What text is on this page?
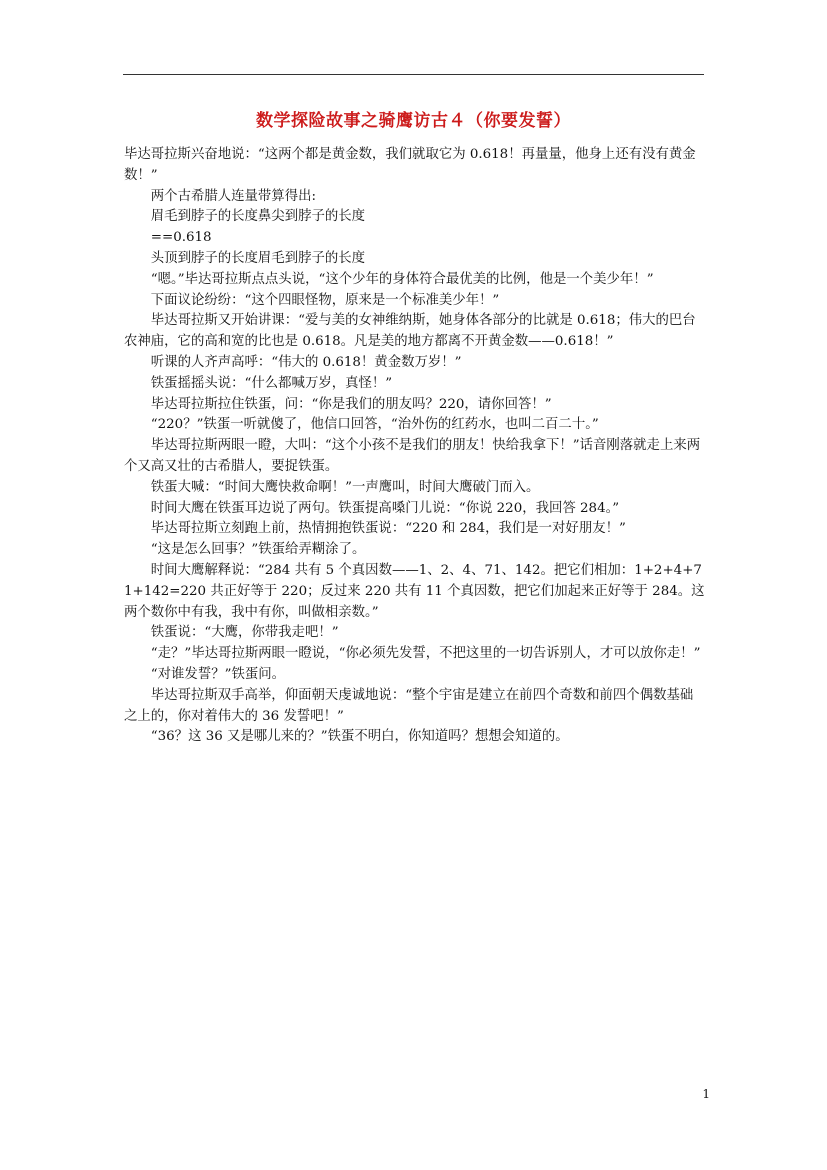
数学探险故事之骑鹰访古４（你要发誓）

毕达哥拉斯兴奋地说：“这两个都是黄金数，我们就取它为 0.618！再量量，他身上还有没有黄金数！”

两个古希腊人连量带算得出:

眉毛到脖子的长度鼻尖到脖子的长度

==0.618

头顶到脖子的长度眉毛到脖子的长度

“嗯。”毕达哥拉斯点点头说，“这个少年的身体符合最优美的比例，他是一个美少年！”

下面议论纷纷：“这个四眼怪物，原来是一个标准美少年！”

毕达哥拉斯又开始讲课：“爱与美的女神维纳斯，她身体各部分的比就是 0.618；伟大的巴台农神庙，它的高和宽的比也是 0.618。凡是美的地方都离不开黄金数——0.618！”

听课的人齐声高呼：“伟大的 0.618！黄金数万岁！”

铁蛋摇摇头说：“什么都喊万岁，真怪！”

毕达哥拉斯拉住铁蛋，问：“你是我们的朋友吗？220，请你回答！”

“220？”铁蛋一听就傻了，他信口回答，“治外伤的红药水，也叫二百二十。”

毕达哥拉斯两眼一瞪，大叫：“这个小孩不是我们的朋友！快给我拿下！”话音刚落就走上来两个又高又壮的古希腊人，要捉铁蛋。

铁蛋大喊：“时间大鹰快救命啊！”一声鹰叫，时间大鹰破门而入。

时间大鹰在铁蛋耳边说了两句。铁蛋提高嗓门儿说：“你说 220，我回答 284。”

毕达哥拉斯立刻跑上前，热情拥抱铁蛋说：“220 和 284，我们是一对好朋友！”

“这是怎么回事？”铁蛋给弄糊涂了。

时间大鹰解释说：“284 共有 5 个真因数——1、2、4、71、142。把它们相加：1+2+4+71+142=220 共正好等于 220；反过来 220 共有 11 个真因数，把它们加起来正好等于 284。这两个数你中有我，我中有你，叫做相亲数。”

铁蛋说：“大鹰，你带我走吧！”

“走？”毕达哥拉斯两眼一瞪说，“你必须先发誓，不把这里的一切告诉别人，才可以放你走！”

“对谁发誓？”铁蛋问。

毕达哥拉斯双手高举，仰面朝天虔诚地说：“整个宇宙是建立在前四个奇数和前四个偶数基础之上的，你对着伟大的 36 发誓吧！”

“36？这 36 又是哪儿来的？”铁蛋不明白，你知道吗？想想会知道的。

1
